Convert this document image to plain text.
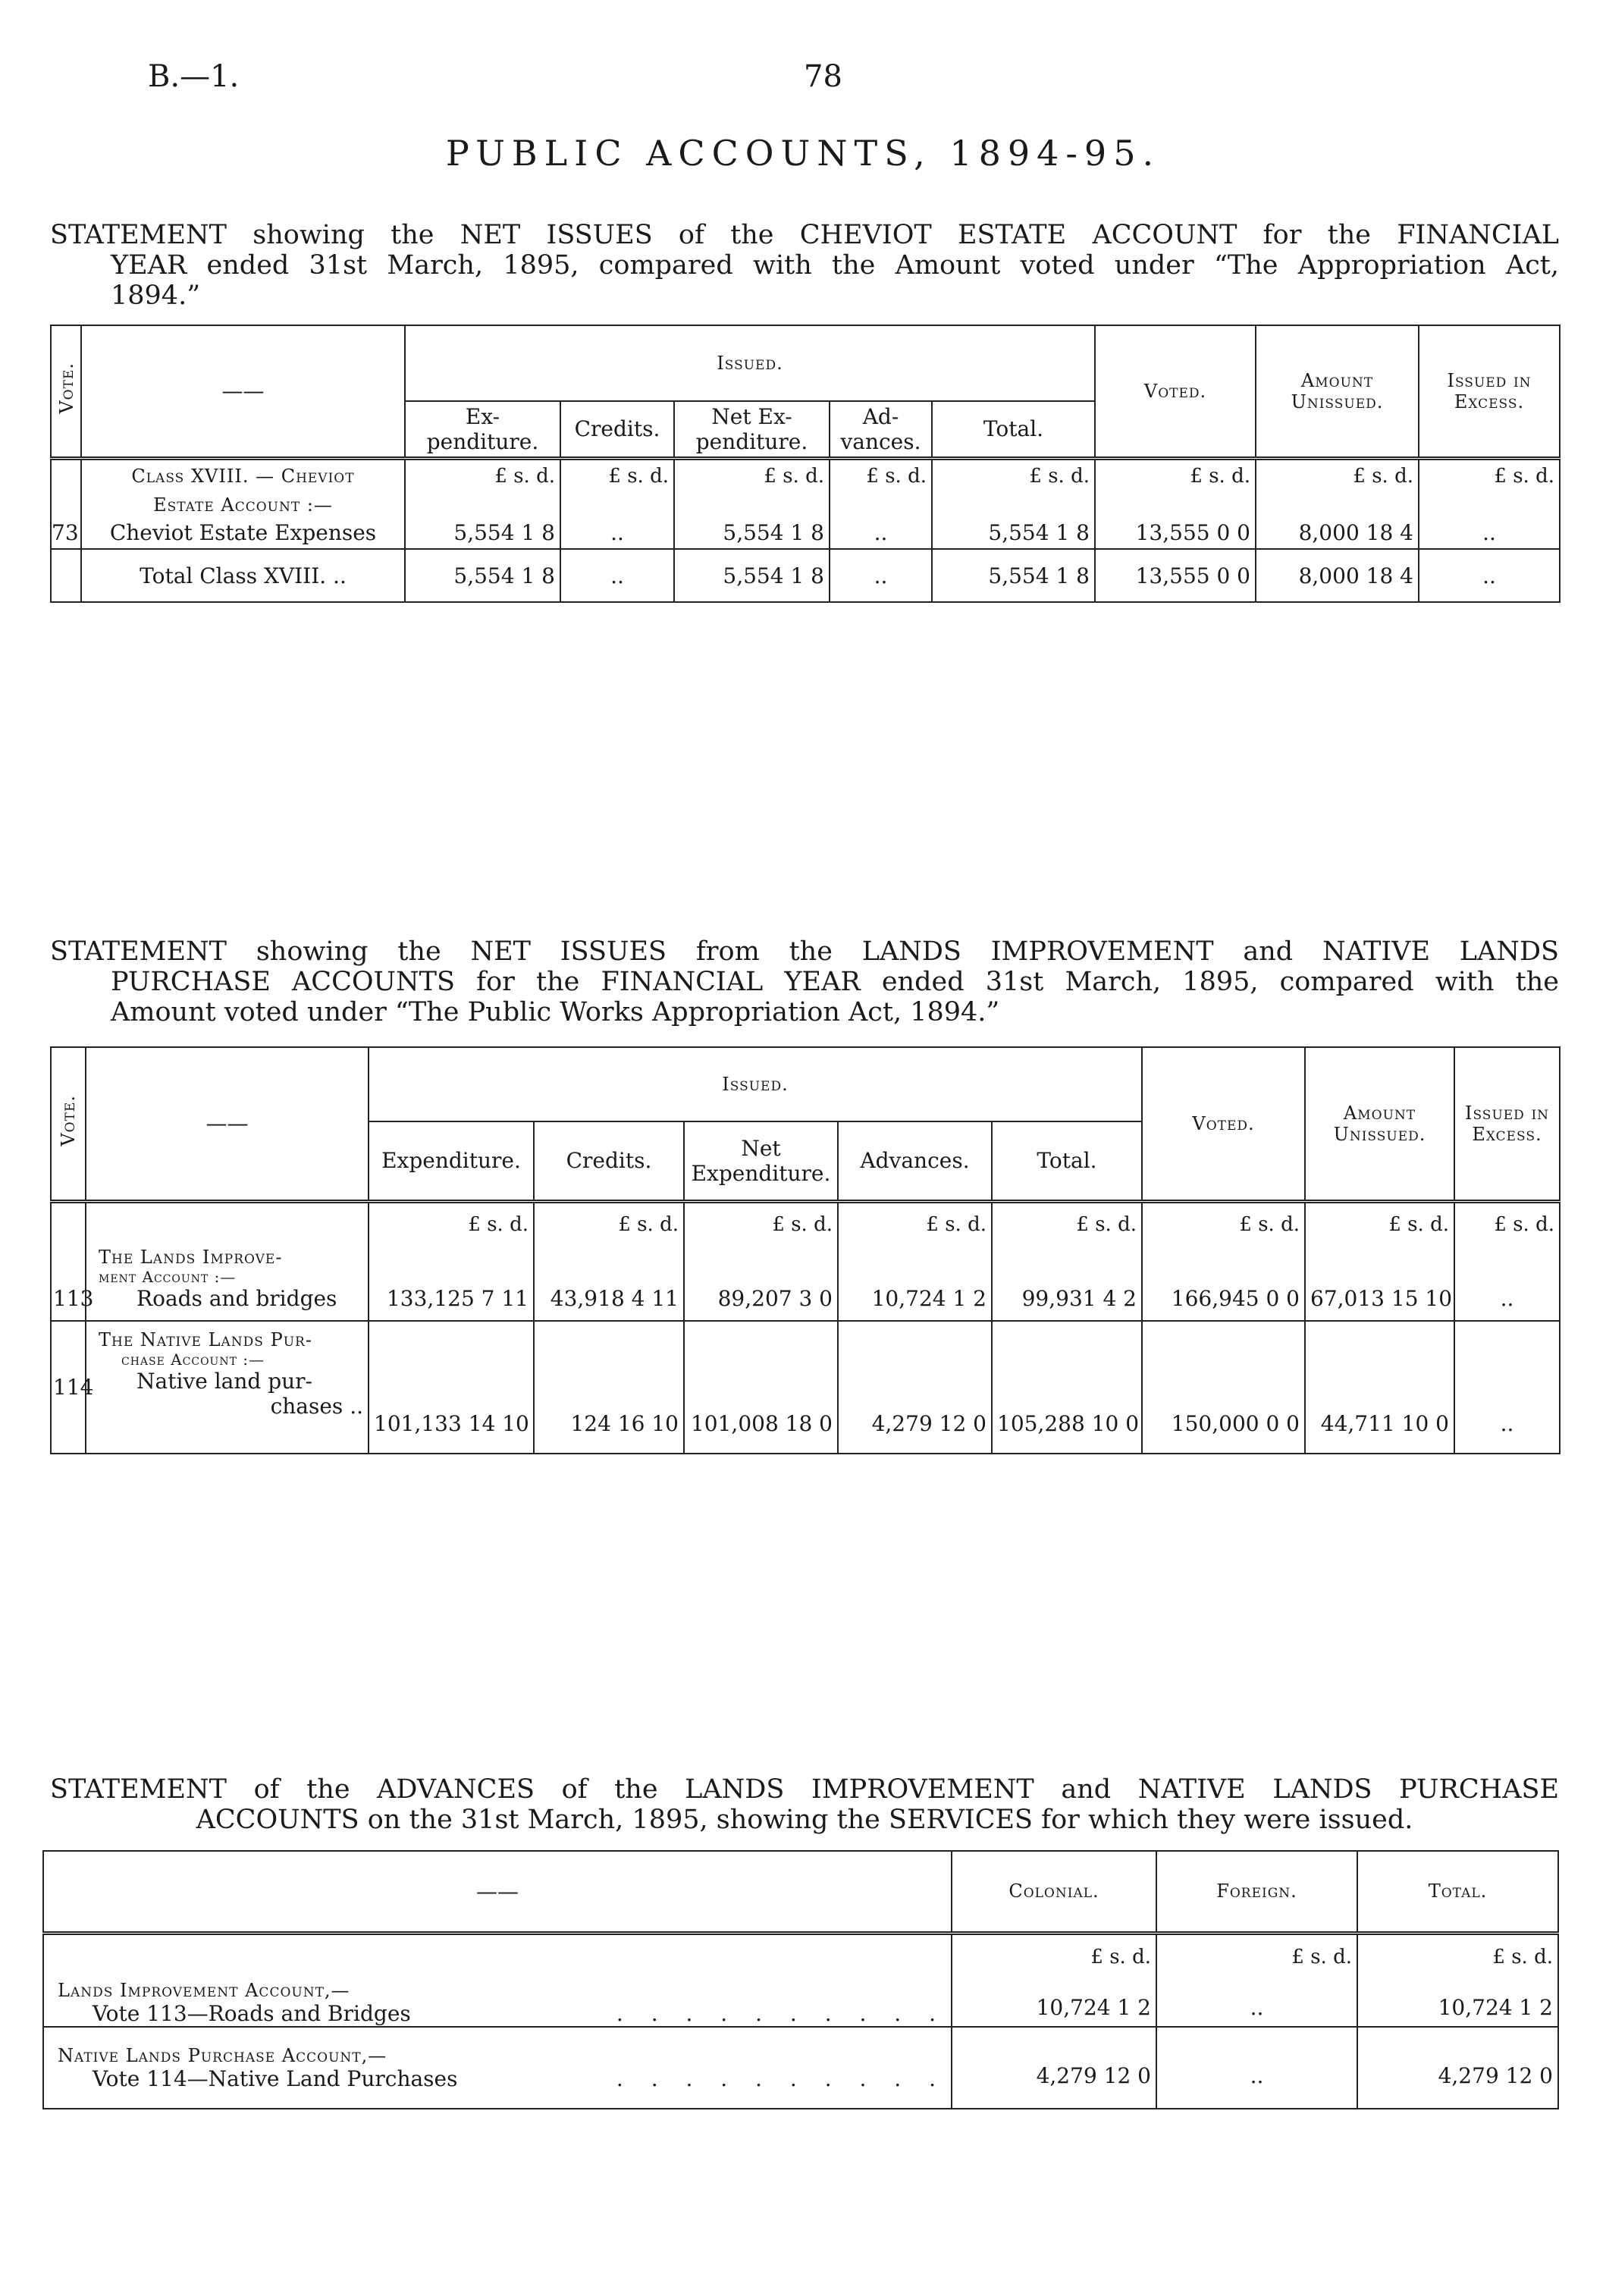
B.—1.	78
PUBLIC ACCOUNTS, 1894-95.
STATEMENT showing the NET ISSUES of the CHEVIOT ESTATE ACCOUNT for the FINANCIAL
YEAR ended 31st March, 1895, compared with the Amount voted under “The Appropriation Act,
1894.”
Vote.	——	Issued.					Voted.	Amount Unissued.	Issued in Excess.
		Ex- penditure.	Credits.	Net Ex- penditure.	Ad- vances.	Total.			
	Class XVIII. — Cheviot	£ s. d.	£ s. d.	£ s. d.	£ s. d.	£ s. d.	£ s. d.	£ s. d.	£ s. d.
	Estate Account :—								
73	Cheviot Estate Expenses	5,554 1 8	..	5,554 1 8	..	5,554 1 8	13,555 0 0	8,000 18 4	..
	Total Class XVIII. ..	5,554 1 8	..	5,554 1 8	..	5,554 1 8	13,555 0 0	8,000 18 4	..
STATEMENT showing the NET ISSUES from the LANDS IMPROVEMENT and NATIVE LANDS
PURCHASE ACCOUNTS for the FINANCIAL YEAR ended 31st March, 1895, compared with the
Amount voted under “The Public Works Appropriation Act, 1894.”
Vote.	——	Issued.					Voted.	Amount Unissued.	Issued in Excess.
		Expenditure.	Credits.	Net Expenditure.	Advances.	Total.			
		£ s. d.	£ s. d.	£ s. d.	£ s. d.	£ s. d.	£ s. d.	£ s. d.	£ s. d.
113	The Lands Improve-
ment Account :—
Roads and bridges	133,125 7 11	43,918 4 11	89,207 3 0	10,724 1 2	99,931 4 2	166,945 0 0	67,013 15 10	..
114	The Native Lands Pur-
chase Account :—
Native land pur-
chases ..	101,133 14 10	124 16 10	101,008 18 0	4,279 12 0	105,288 10 0	150,000 0 0	44,711 10 0	..
STATEMENT of the ADVANCES of the LANDS IMPROVEMENT and NATIVE LANDS PURCHASE
ACCOUNTS on the 31st March, 1895, showing the SERVICES for which they were issued.
——	Colonial.	Foreign.	Total.
	£ s. d.	£ s. d.	£ s. d.

Lands Improvement Account,—
Vote 113—Roads and Bridges . . . . . . . . . .	10,724 1 2	..	10,724 1 2

Native Lands Purchase Account,—
Vote 114—Native Land Purchases . . . . . . . . . .	4,279 12 0	..	4,279 12 0
